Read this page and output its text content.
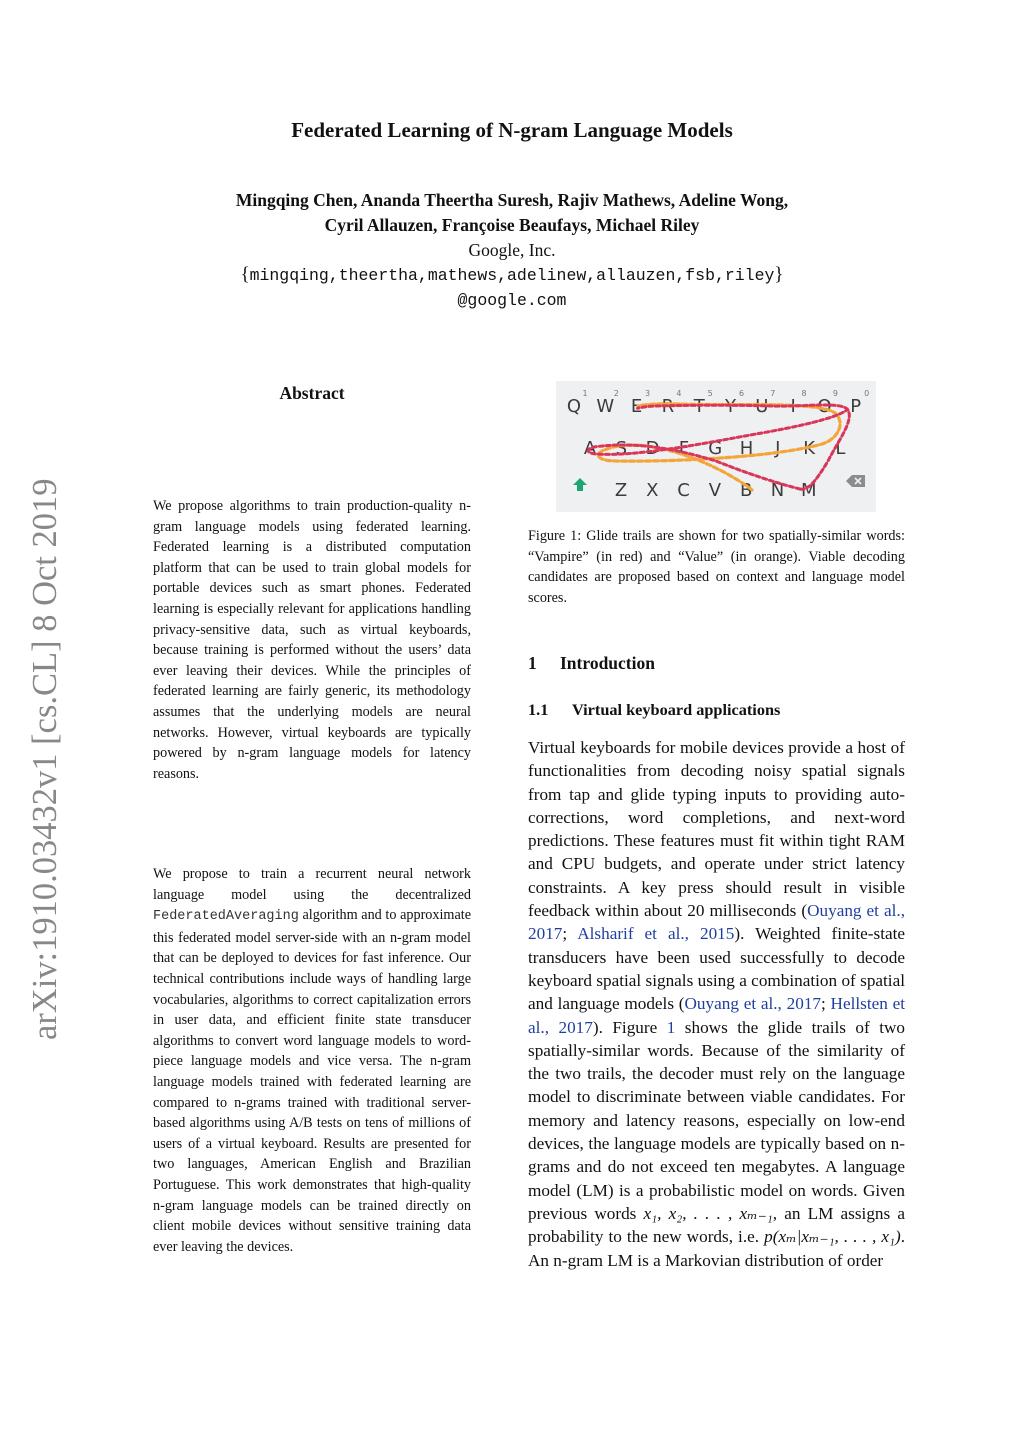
Federated Learning of N-gram Language Models
Mingqing Chen, Ananda Theertha Suresh, Rajiv Mathews, Adeline Wong,
Cyril Allauzen, Françoise Beaufays, Michael Riley
Google, Inc.
{mingqing,theertha,mathews,adelinew,allauzen,fsb,riley}
@google.com
arXiv:1910.03432v1 [cs.CL] 8 Oct 2019
Abstract
We propose algorithms to train production-quality n-gram language models using federated learning. Federated learning is a distributed computation platform that can be used to train global models for portable devices such as smart phones. Federated learning is especially relevant for applications handling privacy-sensitive data, such as virtual keyboards, because training is performed without the users’ data ever leaving their devices. While the principles of federated learning are fairly generic, its methodology assumes that the underlying models are neural networks. However, virtual keyboards are typically powered by n-gram language models for latency reasons.
We propose to train a recurrent neural network language model using the decentralized FederatedAveraging algorithm and to approximate this federated model server-side with an n-gram model that can be deployed to devices for fast inference. Our technical contributions include ways of handling large vocabularies, algorithms to correct capitalization errors in user data, and efficient finite state transducer algorithms to convert word language models to word-piece language models and vice versa. The n-gram language models trained with federated learning are compared to n-grams trained with traditional server-based algorithms using A/B tests on tens of millions of users of a virtual keyboard. Results are presented for two languages, American English and Brazilian Portuguese. This work demonstrates that high-quality n-gram language models can be trained directly on client mobile devices without sensitive training data ever leaving the devices.
Q
1
W
2
E
3
R
4
T
5
Y
6
U
7
I
8
O
9
P
0
A S D F G H J K L
Z X C V B N M
Figure 1: Glide trails are shown for two spatially-similar words: “Vampire” (in red) and “Value” (in orange). Viable decoding candidates are proposed based on context and language model scores.
1 Introduction
1.1 Virtual keyboard applications
Virtual keyboards for mobile devices provide a host of functionalities from decoding noisy spatial signals from tap and glide typing inputs to providing auto-corrections, word completions, and next-word predictions. These features must fit within tight RAM and CPU budgets, and operate under strict latency constraints. A key press should result in visible feedback within about 20 milliseconds (Ouyang et al., 2017; Alsharif et al., 2015). Weighted finite-state transducers have been used successfully to decode keyboard spatial signals using a combination of spatial and language models (Ouyang et al., 2017; Hellsten et al., 2017). Figure 1 shows the glide trails of two spatially-similar words. Because of the similarity of the two trails, the decoder must rely on the language model to discriminate between viable candidates. For memory and latency reasons, especially on low-end devices, the language models are typically based on n-grams and do not exceed ten megabytes. A language model (LM) is a probabilistic model on words. Given previous words x₁, x₂, . . . , xₘ₋₁, an LM assigns a probability to the new words, i.e. p(xₘ|xₘ₋₁, . . . , x₁). An n-gram LM is a Markovian distribution of order
